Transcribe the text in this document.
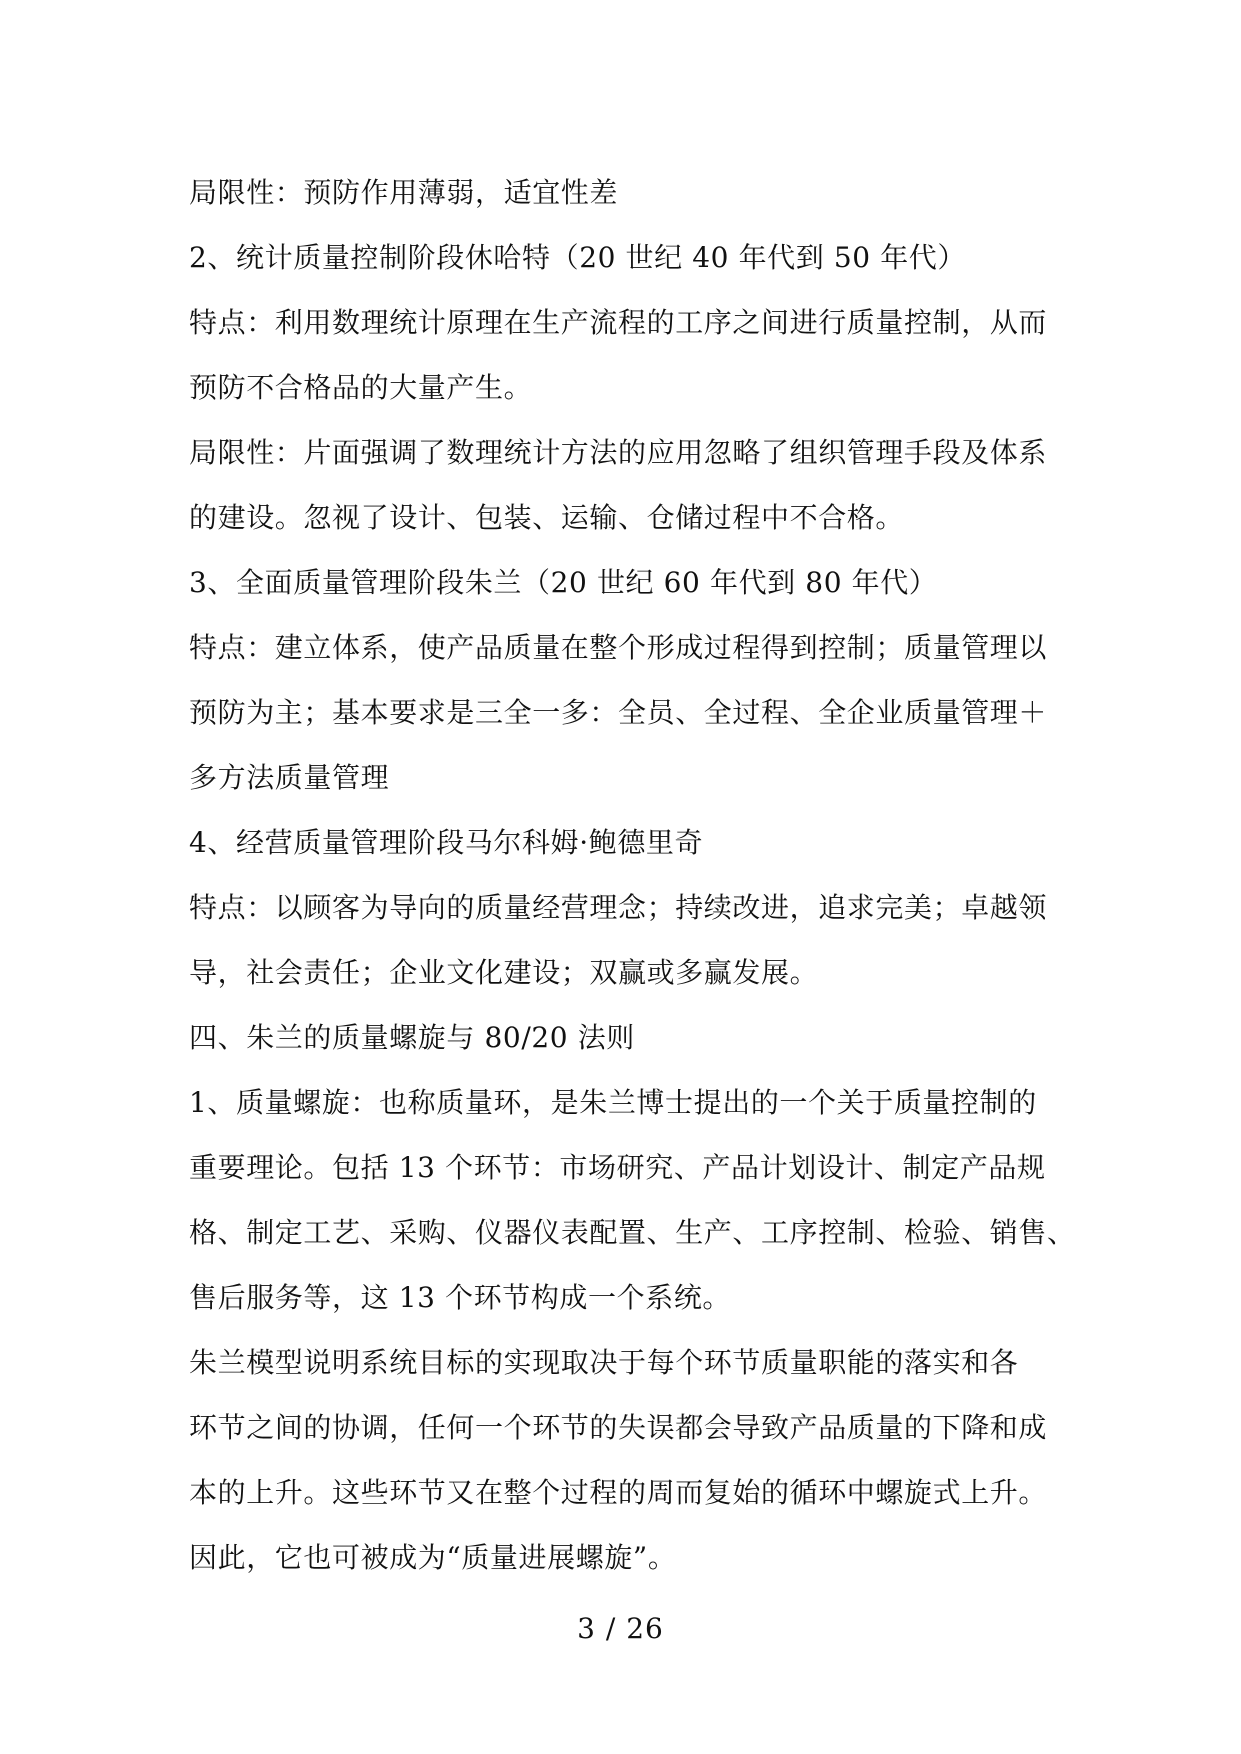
局限性：预防作用薄弱，适宜性差
2、统计质量控制阶段休哈特（20 世纪 40 年代到 50 年代）
特点：利用数理统计原理在生产流程的工序之间进行质量控制，从而
预防不合格品的大量产生。
局限性：片面强调了数理统计方法的应用忽略了组织管理手段及体系
的建设。忽视了设计、包装、运输、仓储过程中不合格。
3、全面质量管理阶段朱兰（20 世纪 60 年代到 80 年代）
特点：建立体系，使产品质量在整个形成过程得到控制；质量管理以
预防为主；基本要求是三全一多：全员、全过程、全企业质量管理＋
多方法质量管理
4、经营质量管理阶段马尔科姆·鲍德里奇
特点：以顾客为导向的质量经营理念；持续改进，追求完美；卓越领
导，社会责任；企业文化建设；双赢或多赢发展。
四、朱兰的质量螺旋与 80/20 法则
1、质量螺旋：也称质量环，是朱兰博士提出的一个关于质量控制的
重要理论。包括 13 个环节：市场研究、产品计划设计、制定产品规
格、制定工艺、采购、仪器仪表配置、生产、工序控制、检验、销售、
售后服务等，这 13 个环节构成一个系统。
朱兰模型说明系统目标的实现取决于每个环节质量职能的落实和各
环节之间的协调，任何一个环节的失误都会导致产品质量的下降和成
本的上升。这些环节又在整个过程的周而复始的循环中螺旋式上升。
因此，它也可被成为“质量进展螺旋”。
3 / 26
